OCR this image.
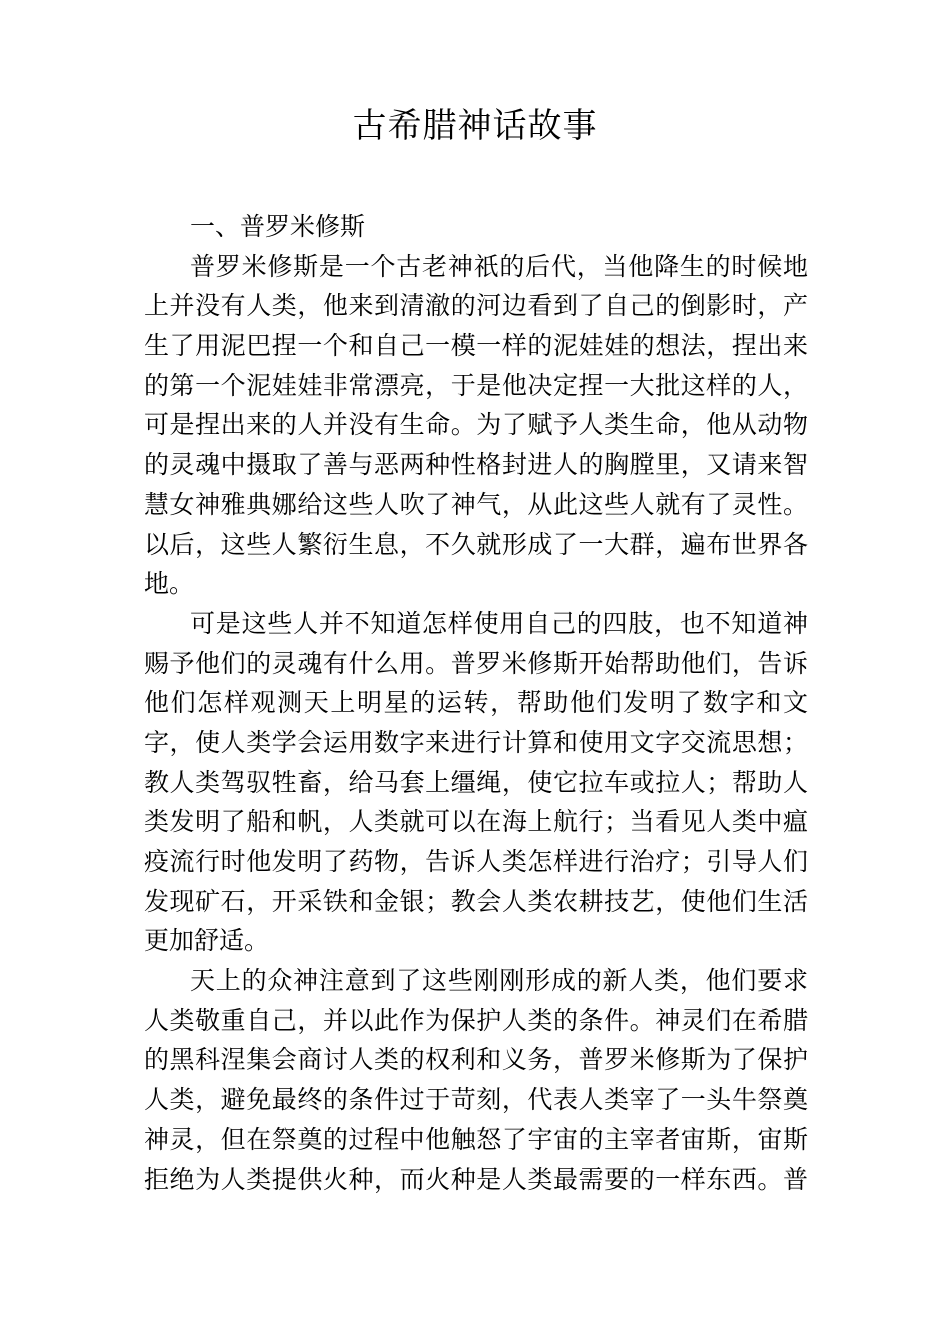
古希腊神话故事
一、普罗米修斯
普罗米修斯是一个古老神祇的后代，当他降生的时候地
上并没有人类，他来到清澈的河边看到了自己的倒影时，产
生了用泥巴捏一个和自己一模一样的泥娃娃的想法，捏出来
的第一个泥娃娃非常漂亮，于是他决定捏一大批这样的人，
可是捏出来的人并没有生命。为了赋予人类生命，他从动物
的灵魂中摄取了善与恶两种性格封进人的胸膛里，又请来智
慧女神雅典娜给这些人吹了神气，从此这些人就有了灵性。
以后，这些人繁衍生息，不久就形成了一大群，遍布世界各
地。
可是这些人并不知道怎样使用自己的四肢，也不知道神
赐予他们的灵魂有什么用。普罗米修斯开始帮助他们，告诉
他们怎样观测天上明星的运转，帮助他们发明了数字和文
字，使人类学会运用数字来进行计算和使用文字交流思想；
教人类驾驭牲畜，给马套上缰绳，使它拉车或拉人；帮助人
类发明了船和帆，人类就可以在海上航行；当看见人类中瘟
疫流行时他发明了药物，告诉人类怎样进行治疗；引导人们
发现矿石，开采铁和金银；教会人类农耕技艺，使他们生活
更加舒适。
天上的众神注意到了这些刚刚形成的新人类，他们要求
人类敬重自己，并以此作为保护人类的条件。神灵们在希腊
的黑科涅集会商讨人类的权利和义务，普罗米修斯为了保护
人类，避免最终的条件过于苛刻，代表人类宰了一头牛祭奠
神灵，但在祭奠的过程中他触怒了宇宙的主宰者宙斯，宙斯
拒绝为人类提供火种，而火种是人类最需要的一样东西。普
